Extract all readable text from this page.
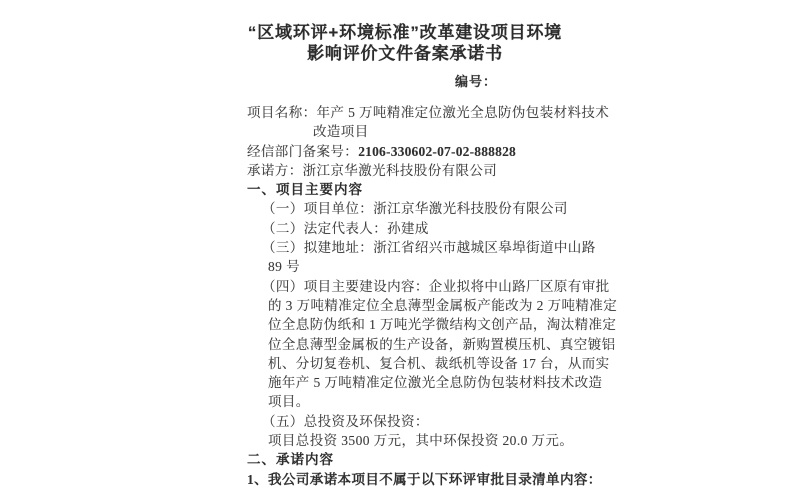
“区域环评+环境标准”改革建设项目环境
影响评价文件备案承诺书
编号：
项目名称：年产 5 万吨精准定位激光全息防伪包装材料技术
改造项目
经信部门备案号：2106-330602-07-02-888828
承诺方：浙江京华激光科技股份有限公司
一、项目主要内容
（一）项目单位：浙江京华激光科技股份有限公司
（二）法定代表人：孙建成
（三）拟建地址：浙江省绍兴市越城区皋埠街道中山路
89 号
（四）项目主要建设内容：企业拟将中山路厂区原有审批
的 3 万吨精准定位全息薄型金属板产能改为 2 万吨精准定
位全息防伪纸和 1 万吨光学微结构文创产品，淘汰精准定
位全息薄型金属板的生产设备，新购置模压机、真空镀铝
机、分切复卷机、复合机、裁纸机等设备 17 台，从而实
施年产 5 万吨精准定位激光全息防伪包装材料技术改造
项目。
（五）总投资及环保投资：
项目总投资 3500 万元，其中环保投资 20.0 万元。
二、承诺内容
1、我公司承诺本项目不属于以下环评审批目录清单内容：
